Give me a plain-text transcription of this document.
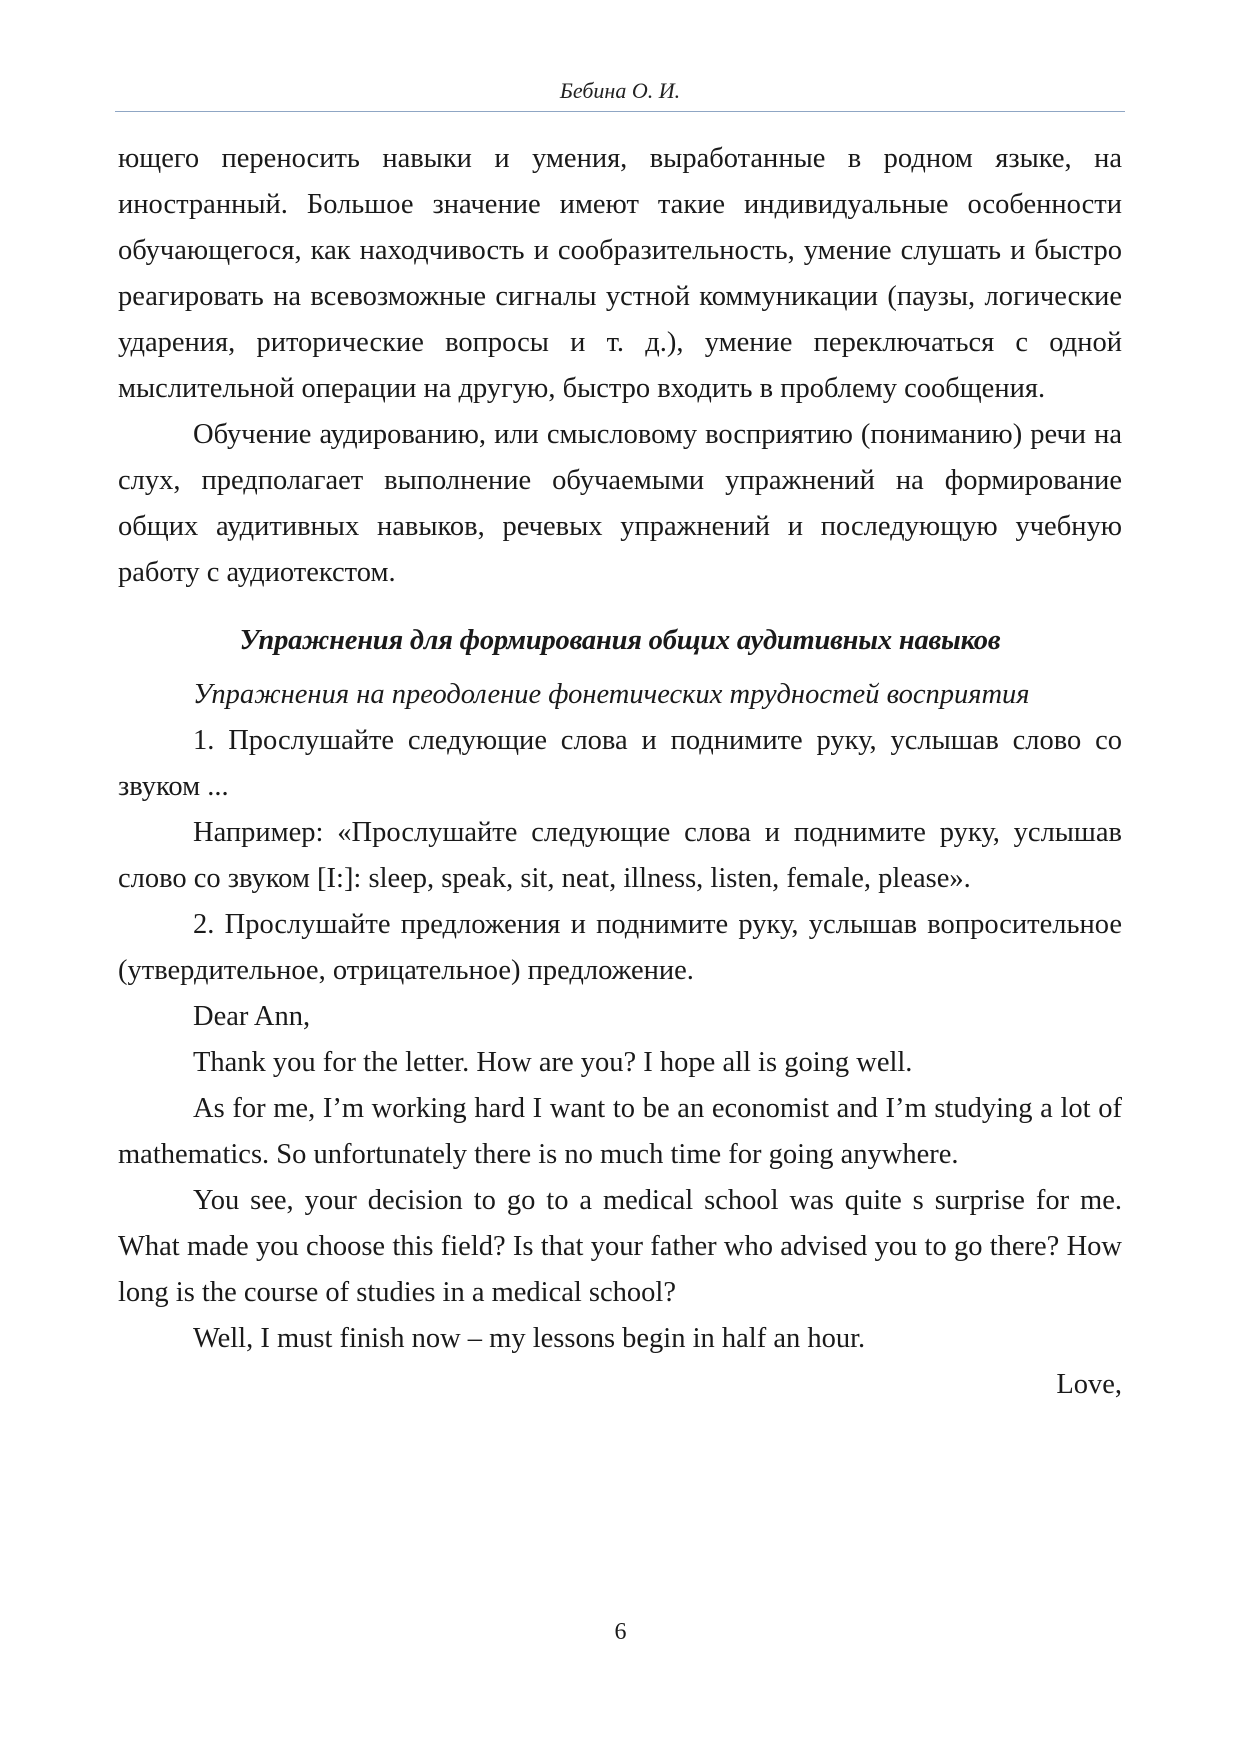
Бебина О. И.

ющего переносить навыки и умения, выработанные в родном языке, на иностранный. Большое значение имеют такие индивидуальные особенности обучающегося, как находчивость и сообразительность, умение слушать и быстро реагировать на всевозможные сигналы устной коммуникации (паузы, логические ударения, риторические вопросы и т. д.), умение переключаться с одной мыслительной операции на другую, быстро входить в проблему сообщения.

Обучение аудированию, или смысловому восприятию (пониманию) речи на слух, предполагает выполнение обучаемыми упражнений на формирование общих аудитивных навыков, речевых упражнений и последующую учебную работу с аудиотекстом.

Упражнения для формирования общих аудитивных навыков

Упражнения на преодоление фонетических трудностей восприятия

1. Прослушайте следующие слова и поднимите руку, услышав слово со звуком ...

Например: «Прослушайте следующие слова и поднимите руку, услышав слово со звуком [I:]: sleep, speak, sit, neat, illness, listen, female, please».

2. Прослушайте предложения и поднимите руку, услышав вопросительное (утвердительное, отрицательное) предложение.

Dear Ann,

Thank you for the letter. How are you? I hope all is going well.

As for me, I’m working hard I want to be an economist and I’m studying a lot of mathematics. So unfortunately there is no much time for going anywhere.

You see, your decision to go to a medical school was quite s surprise for me. What made you choose this field? Is that your father who advised you to go there? How long is the course of studies in a medical school?

Well, I must finish now – my lessons begin in half an hour.

Love,

6
